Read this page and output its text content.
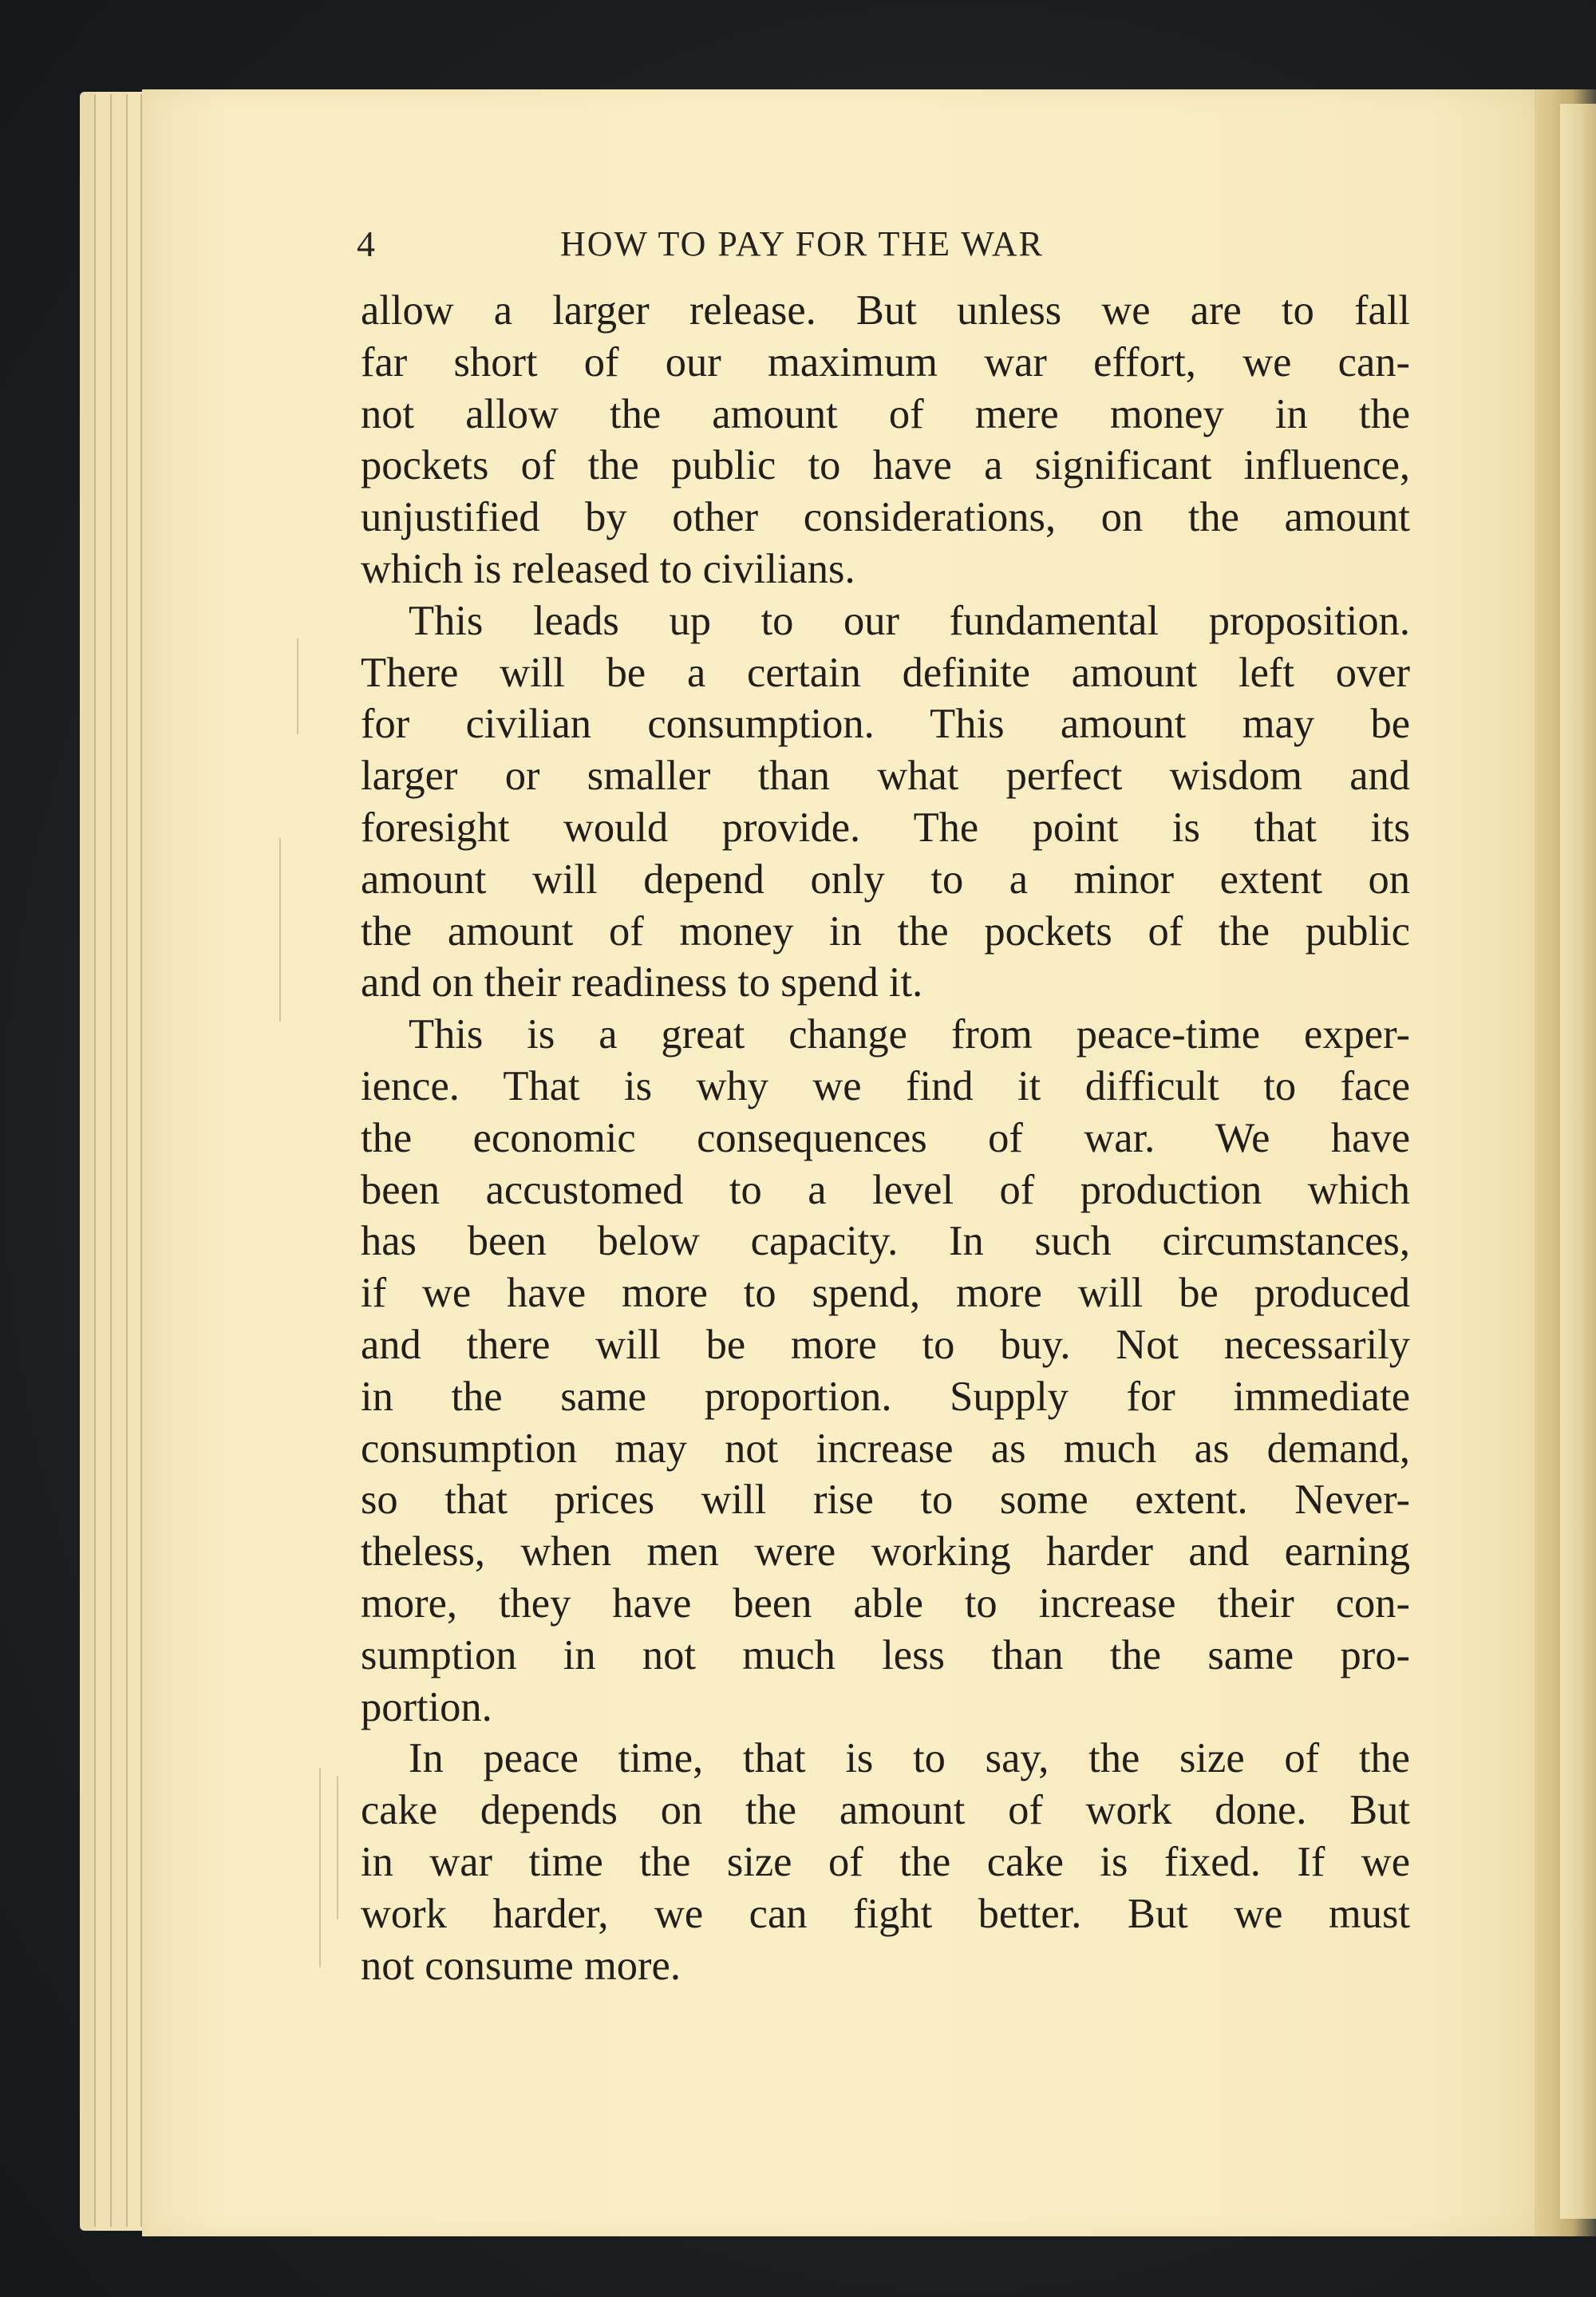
4	HOW TO PAY FOR THE WAR

allow a larger release. But unless we are to fall
far short of our maximum war effort, we can-
not allow the amount of mere money in the
pockets of the public to have a significant influence,
unjustified by other considerations, on the amount
which is released to civilians.

This leads up to our fundamental proposition.
There will be a certain definite amount left over
for civilian consumption. This amount may be
larger or smaller than what perfect wisdom and
foresight would provide. The point is that its
amount will depend only to a minor extent on
the amount of money in the pockets of the public
and on their readiness to spend it.

This is a great change from peace-time exper-
ience. That is why we find it difficult to face
the economic consequences of war. We have
been accustomed to a level of production which
has been below capacity. In such circumstances,
if we have more to spend, more will be produced
and there will be more to buy. Not necessarily
in the same proportion. Supply for immediate
consumption may not increase as much as demand,
so that prices will rise to some extent. Never-
theless, when men were working harder and earning
more, they have been able to increase their con-
sumption in not much less than the same pro-
portion.

In peace time, that is to say, the size of the
cake depends on the amount of work done. But
in war time the size of the cake is fixed. If we
work harder, we can fight better. But we must
not consume more.
